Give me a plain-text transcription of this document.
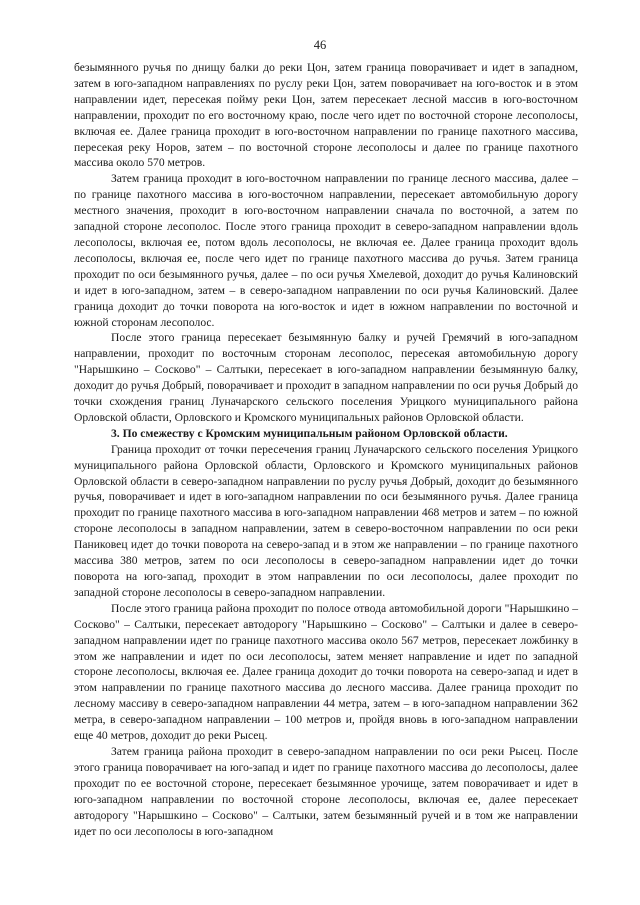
46

безымянного ручья по днищу балки до реки Цон, затем граница поворачивает и идет в западном, затем в юго-западном направлениях по руслу реки Цон, затем поворачивает на юго-восток и в этом направлении идет, пересекая пойму реки Цон, затем пересекает лесной массив в юго-восточном направлении, проходит по его восточному краю, после чего идет по восточной стороне лесополосы, включая ее. Далее граница проходит в юго-восточном направлении по границе пахотного массива, пересекая реку Норов, затем – по восточной стороне лесополосы и далее по границе пахотного массива около 570 метров.

Затем граница проходит в юго-восточном направлении по границе лесного массива, далее – по границе пахотного массива в юго-восточном направлении, пересекает автомобильную дорогу местного значения, проходит в юго-восточном направлении сначала по восточной, а затем по западной стороне лесополос. После этого граница проходит в северо-западном направлении вдоль лесополосы, включая ее, потом вдоль лесополосы, не включая ее. Далее граница проходит вдоль лесополосы, включая ее, после чего идет по границе пахотного массива до ручья. Затем граница проходит по оси безымянного ручья, далее – по оси ручья Хмелевой, доходит до ручья Калиновский и идет в юго-западном, затем – в северо-западном направлении по оси ручья Калиновский. Далее граница доходит до точки поворота на юго-восток и идет в южном направлении по восточной и южной сторонам лесополос.

После этого граница пересекает безымянную балку и ручей Гремячий в юго-западном направлении, проходит по восточным сторонам лесополос, пересекая автомобильную дорогу "Нарышкино – Сосково" – Салтыки, пересекает в юго-западном направлении безымянную балку, доходит до ручья Добрый, поворачивает и проходит в западном направлении по оси ручья Добрый до точки схождения границ Луначарского сельского поселения Урицкого муниципального района Орловской области, Орловского и Кромского муниципальных районов Орловской области.

3. По смежеству с Кромским муниципальным районом Орловской области.

Граница проходит от точки пересечения границ Луначарского сельского поселения Урицкого муниципального района Орловской области, Орловского и Кромского муниципальных районов Орловской области в северо-западном направлении по руслу ручья Добрый, доходит до безымянного ручья, поворачивает и идет в юго-западном направлении по оси безымянного ручья. Далее граница проходит по границе пахотного массива в юго-западном направлении 468 метров и затем – по южной стороне лесополосы в западном направлении, затем в северо-восточном направлении по оси реки Паниковец идет до точки поворота на северо-запад и в этом же направлении – по границе пахотного массива 380 метров, затем по оси лесополосы в северо-западном направлении идет до точки поворота на юго-запад, проходит в этом направлении по оси лесополосы, далее проходит по западной стороне лесополосы в северо-западном направлении.

После этого граница района проходит по полосе отвода автомобильной дороги "Нарышкино – Сосково" – Салтыки, пересекает автодорогу "Нарышкино – Сосково" – Салтыки и далее в северо-западном направлении идет по границе пахотного массива около 567 метров, пересекает ложбинку в этом же направлении и идет по оси лесополосы, затем меняет направление и идет по западной стороне лесополосы, включая ее. Далее граница доходит до точки поворота на северо-запад и идет в этом направлении по границе пахотного массива до лесного массива. Далее граница проходит по лесному массиву в северо-западном направлении 44 метра, затем – в юго-западном направлении 362 метра, в северо-западном направлении – 100 метров и, пройдя вновь в юго-западном направлении еще 40 метров, доходит до реки Рысец.

Затем граница района проходит в северо-западном направлении по оси реки Рысец. После этого граница поворачивает на юго-запад и идет по границе пахотного массива до лесополосы, далее проходит по ее восточной стороне, пересекает безымянное урочище, затем поворачивает и идет в юго-западном направлении по восточной стороне лесополосы, включая ее, далее пересекает автодорогу "Нарышкино – Сосково" – Салтыки, затем безымянный ручей и в том же направлении идет по оси лесополосы в юго-западном
